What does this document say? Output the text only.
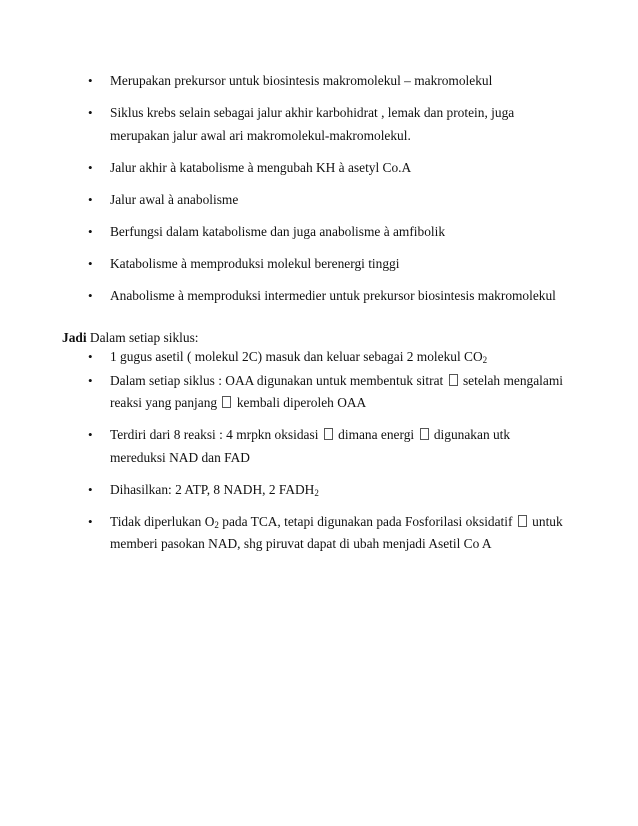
• Merupakan prekursor untuk biosintesis makromolekul – makromolekul
• Siklus krebs selain sebagai jalur akhir karbohidrat , lemak dan protein, juga merupakan jalur awal ari makromolekul-makromolekul.
• Jalur akhir à katabolisme à mengubah KH à asetyl Co.A
• Jalur awal à anabolisme
• Berfungsi dalam katabolisme dan juga anabolisme à amfibolik
• Katabolisme à memproduksi molekul berenergi tinggi
• Anabolisme à memproduksi intermedier untuk prekursor biosintesis makromolekul
Jadi Dalam setiap siklus:
• 1 gugus asetil ( molekul 2C) masuk dan keluar sebagai 2 molekul $CO_2$
• Dalam setiap siklus : OAA digunakan untuk membentuk sitrat setelah mengalami reaksi yang panjang kembali diperoleh OAA
• Terdiri dari 8 reaksi : 4 mrpkn oksidasi dimana energi digunakan utk mereduksi NAD dan FAD
• Dihasilkan: 2 ATP, 8 NADH, 2 $FADH_2$
• Tidak diperlukan $O_2$ pada TCA, tetapi digunakan pada Fosforilasi oksidatif untuk memberi pasokan NAD, shg piruvat dapat di ubah menjadi Asetil Co A
